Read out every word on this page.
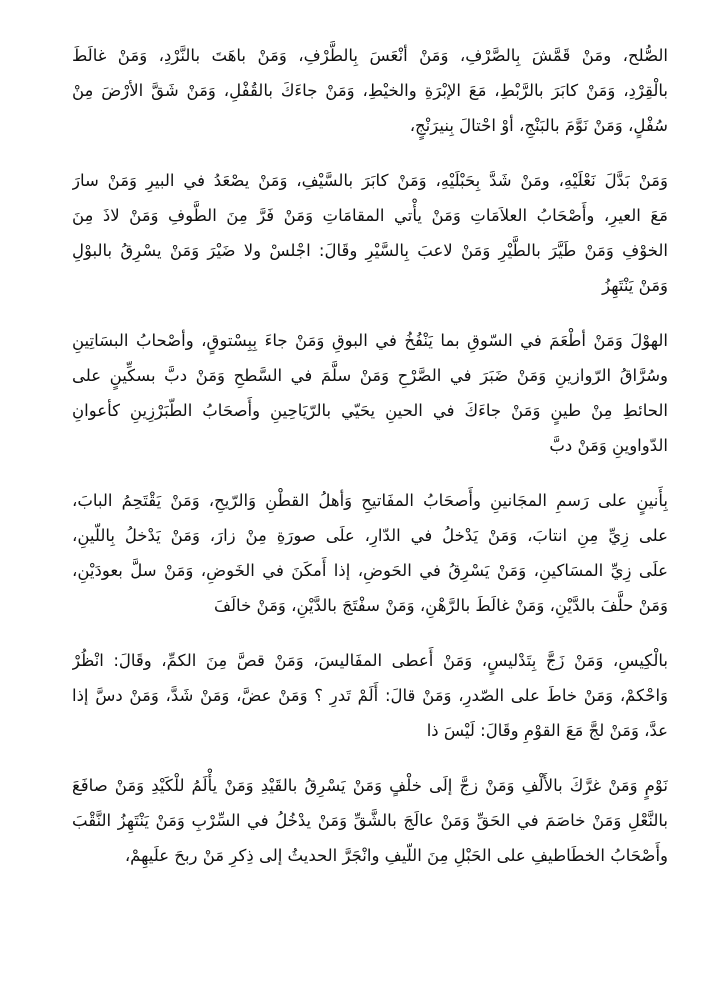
الصُّلح، ومَنْ قَمَّشَ بِالصَّرْفِ، وَمَنْ أنْعَسَ بِالطَّرْفِ، وَمَنْ باهَتَ بالنَّرْدِ، وَمَنْ غالَطَ
بالْقِرْدِ، وَمَنْ كابَرَ بالرَّبْطِ، مَعَ الإبْرَةِ والخيْطِ، وَمَنْ جاءَكَ بالقُفْلِ، وَمَنْ شَقَّ الأرْضَ مِنْ
سُفْلٍ، وَمَنْ نَوَّمَ بالبَنْجِ، أوْ احْتالَ بِنيرَنْجٍ،
وَمَنْ بَدَّلَ نَعْلَيْهِ، ومَنْ شَدَّ بِحَبْلَيْهِ، وَمَنْ كابَرَ بالسَّيْفِ، وَمَنْ يصْعَدُ في البيرِ وَمَنْ سارَ
مَعَ العيرِ، وأَصْحَابُ العلاَمَاتِ وَمَنْ يأْتي المقامَاتِ وَمَنْ فَرَّ مِنَ الطَّوفِ وَمَنْ لاذَ مِنَ
الخوْفِ وَمَنْ طَيَّرَ بالطَّيْرِ وَمَنْ لاعبَ بِالسَّيْرِ وقَالَ: اجْلسْ ولا ضَيْرَ وَمَنْ يسْرِقُ بالبوْلِ
وَمَنْ يَنْتَهِزُ
الهوْلَ وَمَنْ أطْعَمَ في السّوقِ بما يَنْفُخُ في البوقِ وَمَنْ جاءَ بِبِسْتوقٍ، وأصْحابُ البسَاتِينِ
وسُرَّاقُ الرّوازينِ وَمَنْ ضَبَرَ في الصَّرْحِ وَمَنْ سلَّمَ في السَّطحِ وَمَنْ دبَّ بسكِّينٍ على
الحائطِ مِنْ طينٍ وَمَنْ جاءَكَ في الحينِ يحَيّي بالرّيَاحِينِ وأَصحَابُ الطّبَرْزِينِ كأعوانِ
الدّواوينِ وَمَنْ دبَّ
بِأَنينٍ على رَسمِ المجَانينِ وأَصحَابُ المفَاتيحِ وَأهلُ القطْنِ وَالرّيحِ، وَمَنْ يَقْتَحِمُ البابَ،
على زِيِّ مِنِ انتابَ، وَمَنْ يَدْخلُ في الدّارِ، علَى صورَةِ مِنْ زارَ، وَمَنْ يَدْخلُ بِاللّينِ،
علَى زِيِّ المسَاكينِ، وَمَنْ يَسْرِقُ في الحَوضِ، إذا أَمكَنَ في الخَوضِ، وَمَنْ سلَّ بعودَيْنِ،
وَمَنْ حلَّفَ بالدَّيْنِ، وَمَنْ غالَطَ بالرَّهْنِ، وَمَنْ سفْتَجَ بالدَّيْنِ، وَمَنْ خالَفَ
بالْكِيسِ، وَمَنْ زَجَّ بِتَدْليسٍ، وَمَنْ أَعطى المفَاليسَ، وَمَنْ قصَّ مِنَ الكمِّ، وقَالَ: انْظُرْ
وَاحْكمْ، وَمَنْ خاطَ على الصّدرِ، وَمَنْ قالَ: أَلَمْ تَدرِ ؟ وَمَنْ عضَّ، وَمَنْ شَدَّ، وَمَنْ دسَّ إذا
عدَّ، وَمَنْ لجَّ مَعَ القوْمِ وقَالَ: لَيْسَ ذا
نَوْمٍ وَمَنْ غرَّكَ بالأَلْفِ وَمَنْ زجَّ إلَى خلْفٍ وَمَنْ يَسْرِقُ بالقَيْدِ وَمَنْ يأْلَمُ للْكَيْدِ وَمَنْ صافَعَ
بالنَّعْلِ وَمَنْ خاصَمَ في الحَقِّ وَمَنْ عالَجَ بالشَّقِّ وَمَنْ يدْخُلُ في السِّرْبِ وَمَنْ يَنْتَهِزُ النَّقْبَ
وأَصْحَابُ الخطَاطيفِ على الحَبْلِ مِنَ اللّيفِ وانْجَرَّ الحديثُ إلى ذِكرِ مَنْ ربحَ علَيهِمْ،
